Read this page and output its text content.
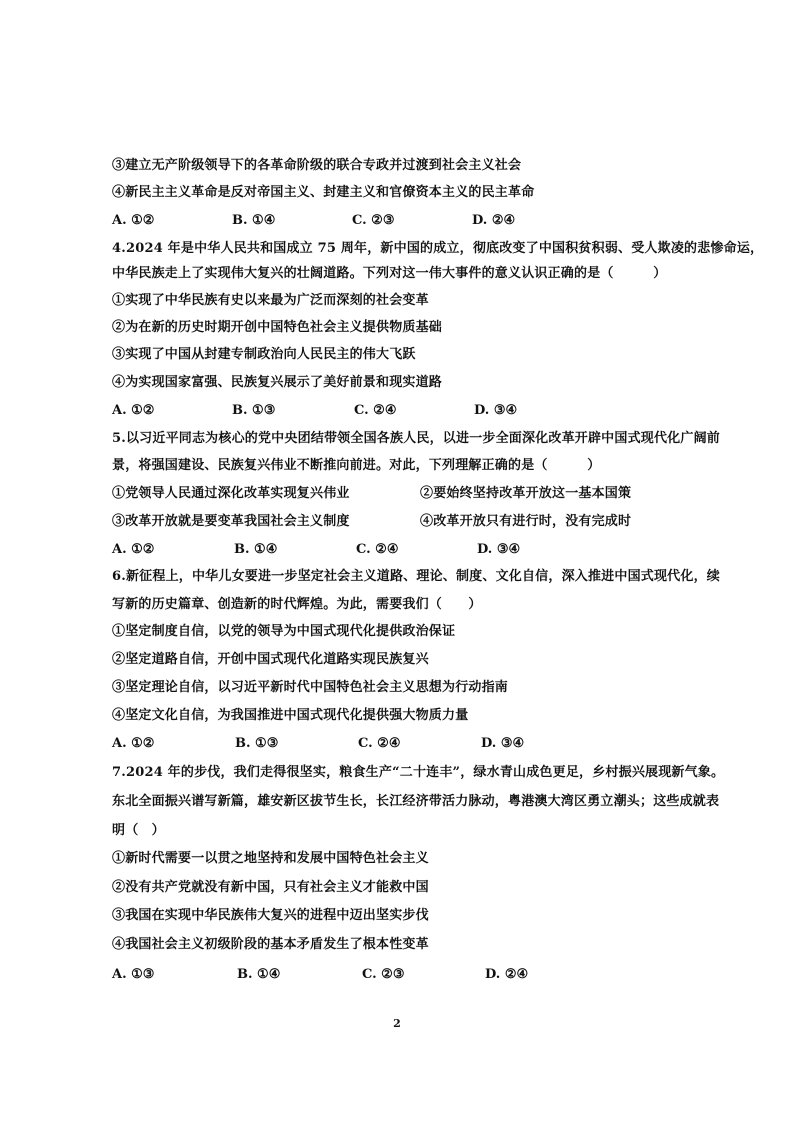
③建立无产阶级领导下的各革命阶级的联合专政并过渡到社会主义社会
④新民主主义革命是反对帝国主义、封建主义和官僚资本主义的民主革命
A. ①②	B. ①④	C. ②③	D. ②④
4.2024 年是中华人民共和国成立 75 周年，新中国的成立，彻底改变了中国积贫积弱、受人欺凌的悲惨命运，
中华民族走上了实现伟大复兴的壮阔道路。下列对这一伟大事件的意义认识正确的是（　　　）
①实现了中华民族有史以来最为广泛而深刻的社会变革
②为在新的历史时期开创中国特色社会主义提供物质基础
③实现了中国从封建专制政治向人民民主的伟大飞跃
④为实现国家富强、民族复兴展示了美好前景和现实道路
A. ①②	B. ①③	C. ②④	D. ③④
5.以习近平同志为核心的党中央团结带领全国各族人民，以进一步全面深化改革开辟中国式现代化广阔前
景，将强国建设、民族复兴伟业不断推向前进。对此，下列理解正确的是（　　　）
①党领导人民通过深化改革实现复兴伟业	②要始终坚持改革开放这一基本国策
③改革开放就是要变革我国社会主义制度	④改革开放只有进行时，没有完成时
A. ①②	B. ①④	C. ②④	D. ③④
6.新征程上，中华儿女要进一步坚定社会主义道路、理论、制度、文化自信，深入推进中国式现代化，续
写新的历史篇章、创造新的时代辉煌。为此，需要我们（　　）
①坚定制度自信，以党的领导为中国式现代化提供政治保证
②坚定道路自信，开创中国式现代化道路实现民族复兴
③坚定理论自信，以习近平新时代中国特色社会主义思想为行动指南
④坚定文化自信，为我国推进中国式现代化提供强大物质力量
A. ①②	B. ①③	C. ②④	D. ③④
7.2024 年的步伐，我们走得很坚实，粮食生产“二十连丰”，绿水青山成色更足，乡村振兴展现新气象。
东北全面振兴谱写新篇，雄安新区拔节生长，长江经济带活力脉动，粤港澳大湾区勇立潮头；这些成就表
明（　）
①新时代需要一以贯之地坚持和发展中国特色社会主义
②没有共产党就没有新中国，只有社会主义才能救中国
③我国在实现中华民族伟大复兴的进程中迈出坚实步伐
④我国社会主义初级阶段的基本矛盾发生了根本性变革
A. ①③	B. ①④	C. ②③	D. ②④
2
